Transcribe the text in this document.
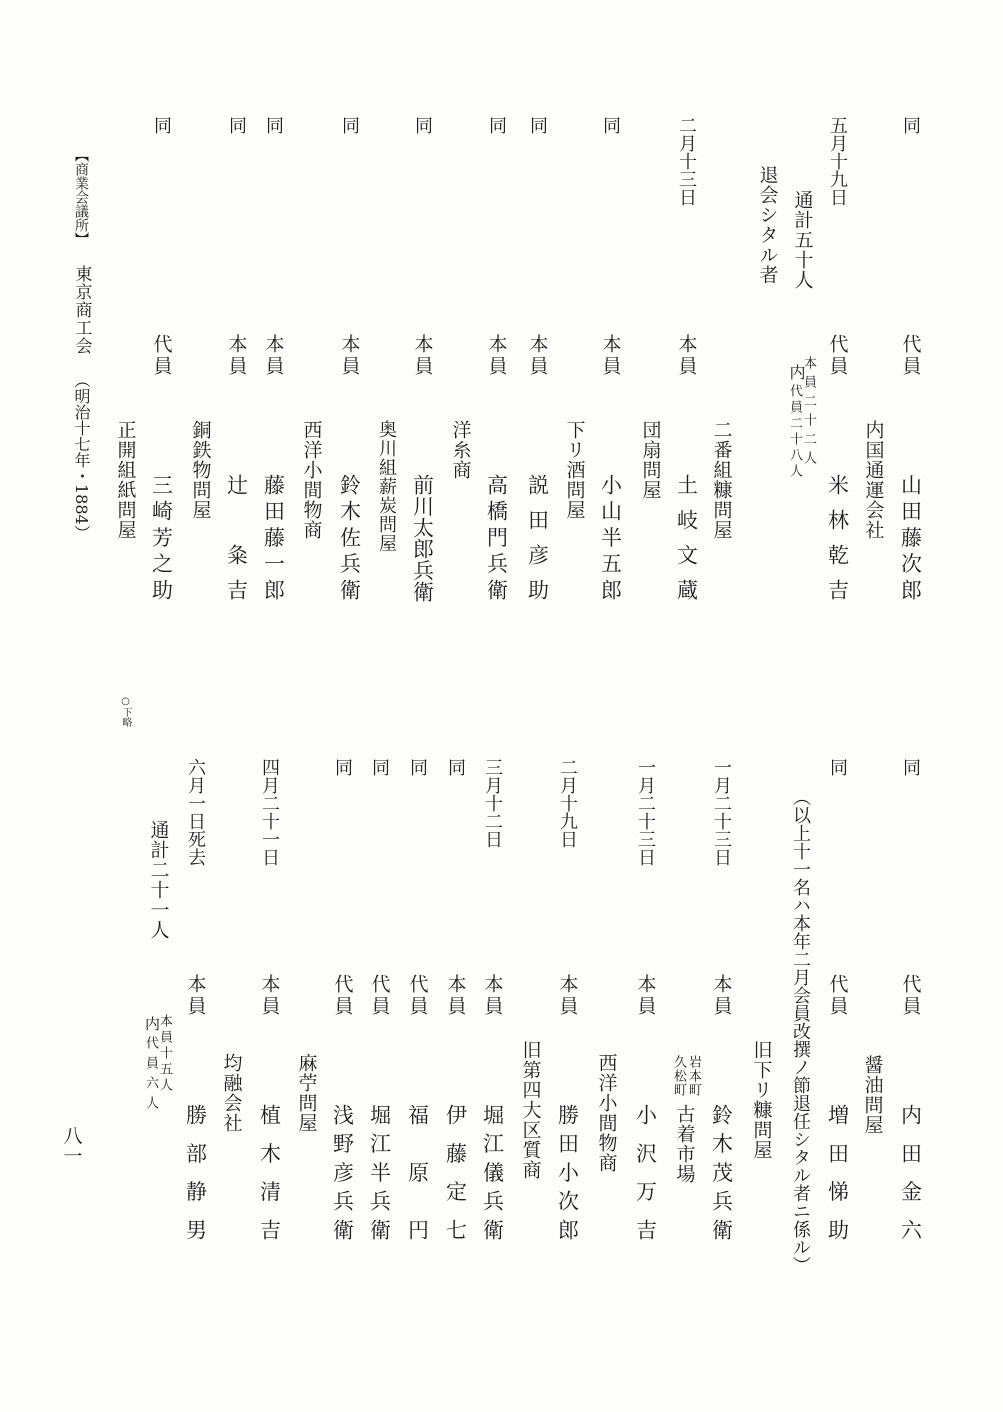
同
代員
山田藤次郎
内国通運会社
五月十九日
代員
米林乾吉
通計五十人
内
本員二十二人
代員二十八人
退会シタル者
二番組糠問屋
二月十三日
本員
土岐文蔵
団扇問屋
同
本員
小山半五郎
下リ酒問屋
同
本員
説田彦助
同
本員
高橋門兵衛
洋糸商
同
本員
前川太郎兵衛
奥川組薪炭問屋
同
本員
鈴木佐兵衛
西洋小間物商
同
本員
藤田藤一郎
同
本員
辻　粂吉
銅鉄物問屋
同
代員
三崎芳之助
正開組紙問屋
同
代員
内田金六
醤油問屋
同
代員
増田悌助
（以上十一名ハ本年二月会員改撰ノ節退任シタル者ニ係ル）
旧下リ糠問屋
一月二十三日
本員
鈴木茂兵衛
岩本町
久松町
古着市場
一月二十三日
本員
小沢万吉
西洋小間物商
二月十九日
本員
勝田小次郎
旧第四大区質商
三月十二日
本員
堀江儀兵衛
同
本員
伊藤定七
同
代員
福原円
同
代員
堀江半兵衛
同
代員
浅野彦兵衛
麻苧問屋
四月二十一日
本員
植木清吉
均融会社
六月一日死去
本員
勝部静男
通計二十一人
本員十五人
内
代員六人
○下略
【商業会議所】
東京商工会
（明治十七年・1884）
八一
